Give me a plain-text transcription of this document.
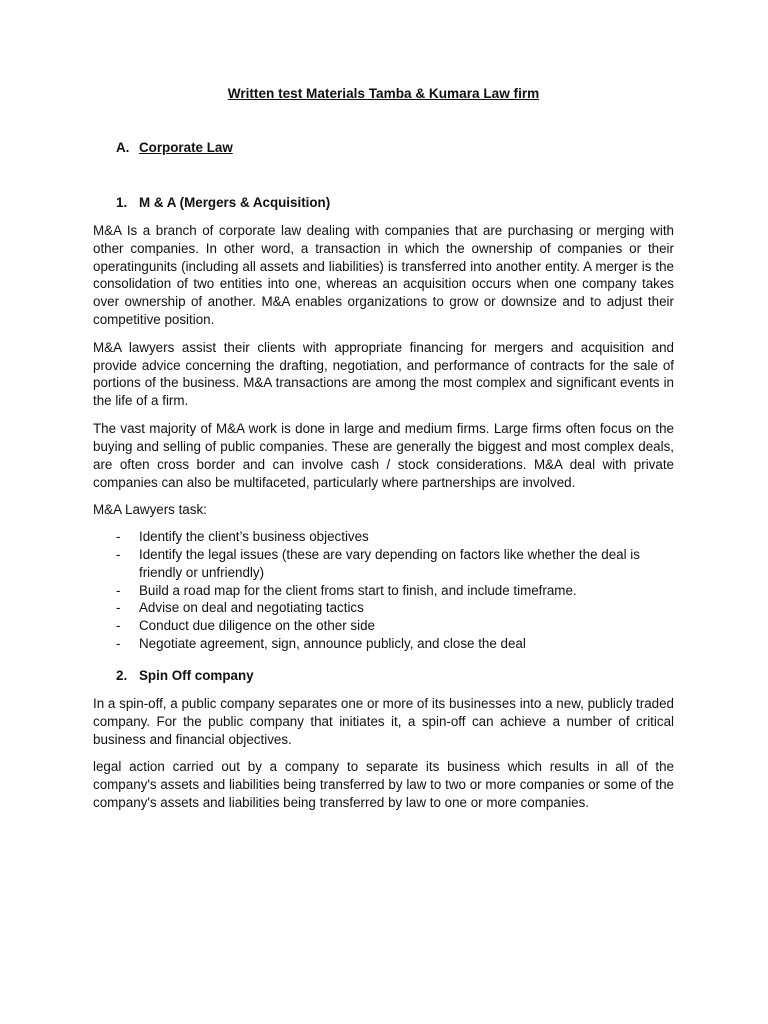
Written test Materials Tamba & Kumara Law firm
A. Corporate Law
1. M & A (Mergers & Acquisition)

M&A Is a branch of corporate law dealing with companies that are purchasing or merging with other companies. In other word, a transaction in which the ownership of companies or their operatingunits (including all assets and liabilities) is transferred into another entity. A merger is the consolidation of two entities into one, whereas an acquisition occurs when one company takes over ownership of another. M&A enables organizations to grow or downsize and to adjust their competitive position.

M&A lawyers assist their clients with appropriate financing for mergers and acquisition and provide advice concerning the drafting, negotiation, and performance of contracts for the sale of portions of the business. M&A transactions are among the most complex and significant events in the life of a firm.

The vast majority of M&A work is done in large and medium firms. Large firms often focus on the buying and selling of public companies. These are generally the biggest and most complex deals, are often cross border and can involve cash / stock considerations. M&A deal with private companies can also be multifaceted, particularly where partnerships are involved.

M&A Lawyers task:

-	Identify the client’s business objectives
-	Identify the legal issues (these are vary depending on factors like whether the deal is friendly or unfriendly)
-	Build a road map for the client froms start to finish, and include timeframe.
-	Advise on deal and negotiating tactics
-	Conduct due diligence on the other side
-	Negotiate agreement, sign, announce publicly, and close the deal
2. Spin Off company

In a spin-off, a public company separates one or more of its businesses into a new, publicly traded company. For the public company that initiates it, a spin-off can achieve a number of critical business and financial objectives.

legal action carried out by a company to separate its business which results in all of the company's assets and liabilities being transferred by law to two or more companies or some of the company's assets and liabilities being transferred by law to one or more companies.
